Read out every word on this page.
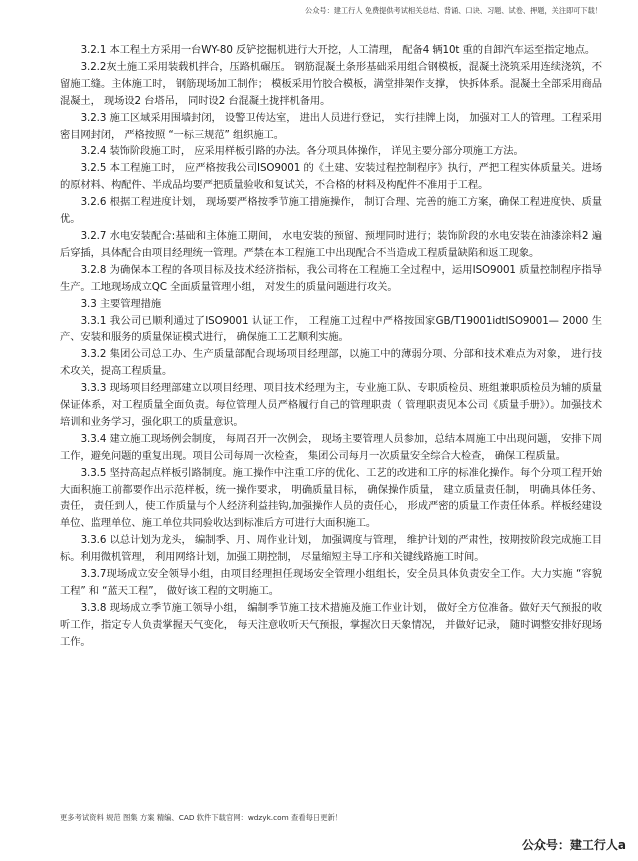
公众号：建工行人 免费提供考试相关总结、背诵、口诀、习题、试卷、押题，关注即可下载！

3.2.1 本工程土方采用一台WY-80 反铲挖掘机进行大开挖，人工清理， 配备4 辆10t 重的自卸汽车运至指定地点。

3.2.2灰土施工采用装载机拌合，压路机碾压。 钢筋混凝土条形基础采用组合钢模板，混凝土浇筑采用连续浇筑，不留施工缝。主体施工时， 钢筋现场加工制作； 模板采用竹胶合模板，满堂排架作支撑， 快拆体系。混凝土全部采用商品混凝土， 现场设2 台塔吊， 同时设2 台混凝土拢拌机备用。

3.2.3 施工区域采用围墙封闭， 设警卫传达室， 进出人员进行登记， 实行挂牌上岗， 加强对工人的管理。工程采用密目网封闭， 严格按照 “一标三规范” 组织施工。

3.2.4 装饰阶段施工时， 应采用样板引路的办法。各分项具体操作， 详见主要分部分项施工方法。

3.2.5 本工程施工时， 应严格按我公司ISO9001 的《土建、安装过程控制程序》执行，严把工程实体质量关。进场的原材料、构配件、半成品均要严把质量验收和复试关，不合格的材料及构配件不准用于工程。

3.2.6 根据工程进度计划， 现场要严格按季节施工措施操作， 制订合理、完善的施工方案，确保工程进度快、质量优。

3.2.7 水电安装配合:基础和主体施工期间， 水电安装的预留、预埋同时进行；装饰阶段的水电安装在油漆涂料2 遍后穿插，具体配合由项目经理统一管理。严禁在本工程施工中出现配合不当造成工程质量缺陷和返工现象。

3.2.8 为确保本工程的各项目标及技术经济指标，我公司将在工程施工全过程中，运用ISO9001 质量控制程序指导生产。工地现场成立QC 全面质量管理小组， 对发生的质量问题进行攻关。

3.3 主要管理措施

3.3.1 我公司已顺利通过了ISO9001 认证工作， 工程施工过程中严格按国家GB/T19001idtISO9001— 2000 生产、安装和服务的质量保证模式进行， 确保施工工艺顺利实施。

3.3.2 集团公司总工办、生产质量部配合现场项目经理部，以施工中的薄弱分项、分部和技术难点为对象， 进行技术攻关，提高工程质量。

3.3.3 现场项目经理部建立以项目经理、项目技术经理为主，专业施工队、专职质检员、班组兼职质检员为辅的质量保证体系，对工程质量全面负责。每位管理人员严格履行自己的管理职责（ 管理职责见本公司《质量手册》）。加强技术培训和业务学习，强化职工的质量意识。

3.3.4 建立施工现场例会制度， 每周召开一次例会， 现场主要管理人员参加，总结本周施工中出现问题， 安排下周工作，避免问题的重复出现。项目公司每周一次检查， 集团公司每月一次质量安全综合大检查， 确保工程质量。

3.3.5 坚持高起点样板引路制度。施工操作中注重工序的优化、工艺的改进和工序的标准化操作。每个分项工程开始大面积施工前都要作出示范样板，统一操作要求， 明确质量目标， 确保操作质量， 建立质量责任制， 明确具体任务、责任， 责任到人，使工作质量与个人经济利益挂钩,加强操作人员的责任心， 形成严密的质量工作责任体系。样板经建设单位、监理单位、施工单位共同验收达到标准后方可进行大面积施工。

3.3.6 以总计划为龙头， 编制季、月、周作业计划， 加强调度与管理， 维护计划的严肃性，按期按阶段完成施工目标。利用微机管理， 利用网络计划，加强工期控制， 尽量缩短主导工序和关键线路施工时间。

3.3.7现场成立安全领导小组，由项目经理担任现场安全管理小组组长，安全员具体负责安全工作。大力实施 “容貌工程” 和 “蓝天工程”， 做好该工程的文明施工。

3.3.8 现场成立季节施工领导小组， 编制季节施工技术措施及施工作业计划， 做好全方位准备。做好天气预报的收听工作，指定专人负责掌握天气变化， 每天注意收听天气预报，掌握次日天象情况， 并做好记录， 随时调整安排好现场工作。

更多考试资料 规范 图集 方案 精编、CAD 软件下载官网：wdzyk.com 查看每日更新！
公众号：建工行人a
